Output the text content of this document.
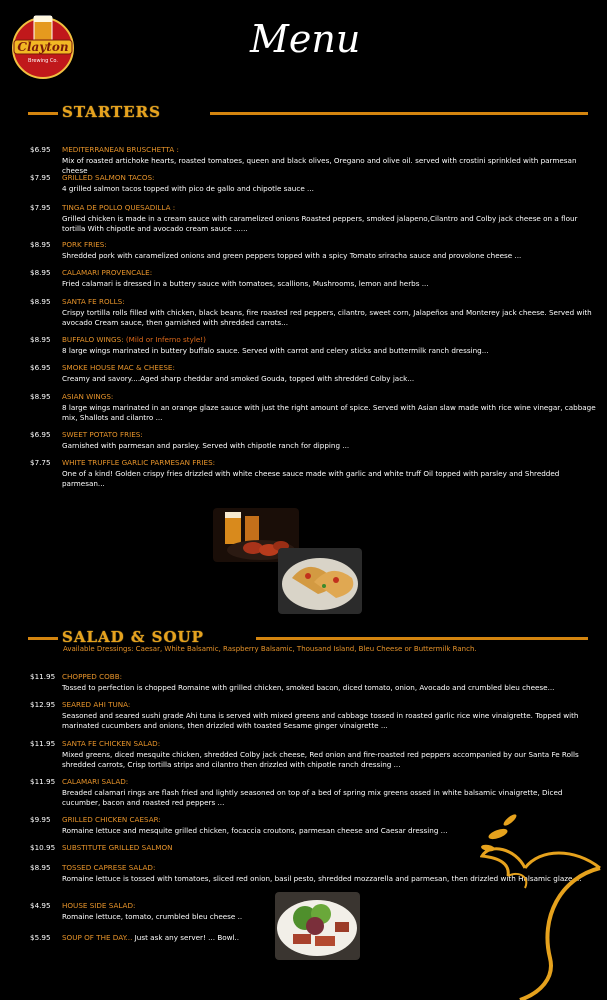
Clayton
Brewing Co.	Menu
STARTERS
$6.95 MEDITERRANEAN BRUSCHETTA :
Mix of roasted artichoke hearts, roasted tomatoes, queen and black olives, Oregano and olive oil. served with crostini sprinkled with parmesan cheese
$7.95 GRILLED SALMON TACOS:
4 grilled salmon tacos topped with pico de gallo and chipotle sauce ...
$7.95 TINGA DE POLLO QUESADILLA :
Grilled chicken is made in a cream sauce with caramelized onions Roasted peppers, smoked jalapeno,Cilantro and Colby jack cheese on a flour tortilla With chipotle and avocado cream sauce ......
$8.95 PORK FRIES:
Shredded pork with caramelized onions and green peppers topped with a spicy Tomato sriracha sauce and provolone cheese ...
$8.95 CALAMARI PROVENCALE:
Fried calamari is dressed in a buttery sauce with tomatoes, scallions, Mushrooms, lemon and herbs ...
$8.95 SANTA FE ROLLS:
Crispy tortilla rolls filled with chicken, black beans, fire roasted red peppers, cilantro, sweet corn, Jalapeños and Monterey jack cheese. Served with avocado Cream sauce, then garnished with shredded carrots...
$8.95 BUFFALO WINGS: (Mild or Inferno style!)
8 large wings marinated in buttery buffalo sauce. Served with carrot and celery sticks and buttermilk ranch dressing...
$6.95 SMOKE HOUSE MAC & CHEESE:
Creamy and savory....Aged sharp cheddar and smoked Gouda, topped with shredded Colby jack...
$8.95 ASIAN WINGS:
8 large wings marinated in an orange glaze sauce with just the right amount of spice. Served with Asian slaw made with rice wine vinegar, cabbage mix, Shallots and cilantro ...
$6.95 SWEET POTATO FRIES:
Garnished with parmesan and parsley. Served with chipotle ranch for dipping ...
$7.75 WHITE TRUFFLE GARLIC PARMESAN FRIES:
One of a kind! Golden crispy fries drizzled with white cheese sauce made with garlic and white truff Oil topped with parsley and Shredded parmesan...
SALAD & SOUP
Available Dressings: Caesar, White Balsamic, Raspberry Balsamic, Thousand Island, Bleu Cheese or Buttermilk Ranch.
$11.95 CHOPPED COBB:
Tossed to perfection is chopped Romaine with grilled chicken, smoked bacon, diced tomato, onion, Avocado and crumbled bleu cheese...
$12.95 SEARED AHI TUNA:
Seasoned and seared sushi grade Ahi tuna is served with mixed greens and cabbage tossed in roasted garlic rice wine vinaigrette. Topped with marinated cucumbers and onions, then drizzled with toasted Sesame ginger vinaigrette ...
$11.95 SANTA FE CHICKEN SALAD:
Mixed greens, diced mesquite chicken, shredded Colby jack cheese, Red onion and fire-roasted red peppers accompanied by our Santa Fe Rolls shredded carrots, Crisp tortilla strips and cilantro then drizzled with chipotle ranch dressing ...
$11.95 CALAMARI SALAD:
Breaded calamari rings are flash fried and lightly seasoned on top of a bed of spring mix greens ossed in white balsamic vinaigrette, Diced cucumber, bacon and roasted red peppers ...
$9.95 GRILLED CHICKEN CAESAR:
Romaine lettuce and mesquite grilled chicken, focaccia croutons, parmesan cheese and Caesar dressing ...
$10.95 SUBSTITUTE GRILLED SALMON
$8.95 TOSSED CAPRESE SALAD:
Romaine lettuce is tossed with tomatoes, sliced red onion, basil pesto, shredded mozzarella and parmesan, then drizzled with Halsamic glaze ...
$4.95 HOUSE SIDE SALAD:
Romaine lettuce, tomato, crumbled bleu cheese ..
$5.95 SOUP OF THE DAY... Just ask any server! ... Bowl..
